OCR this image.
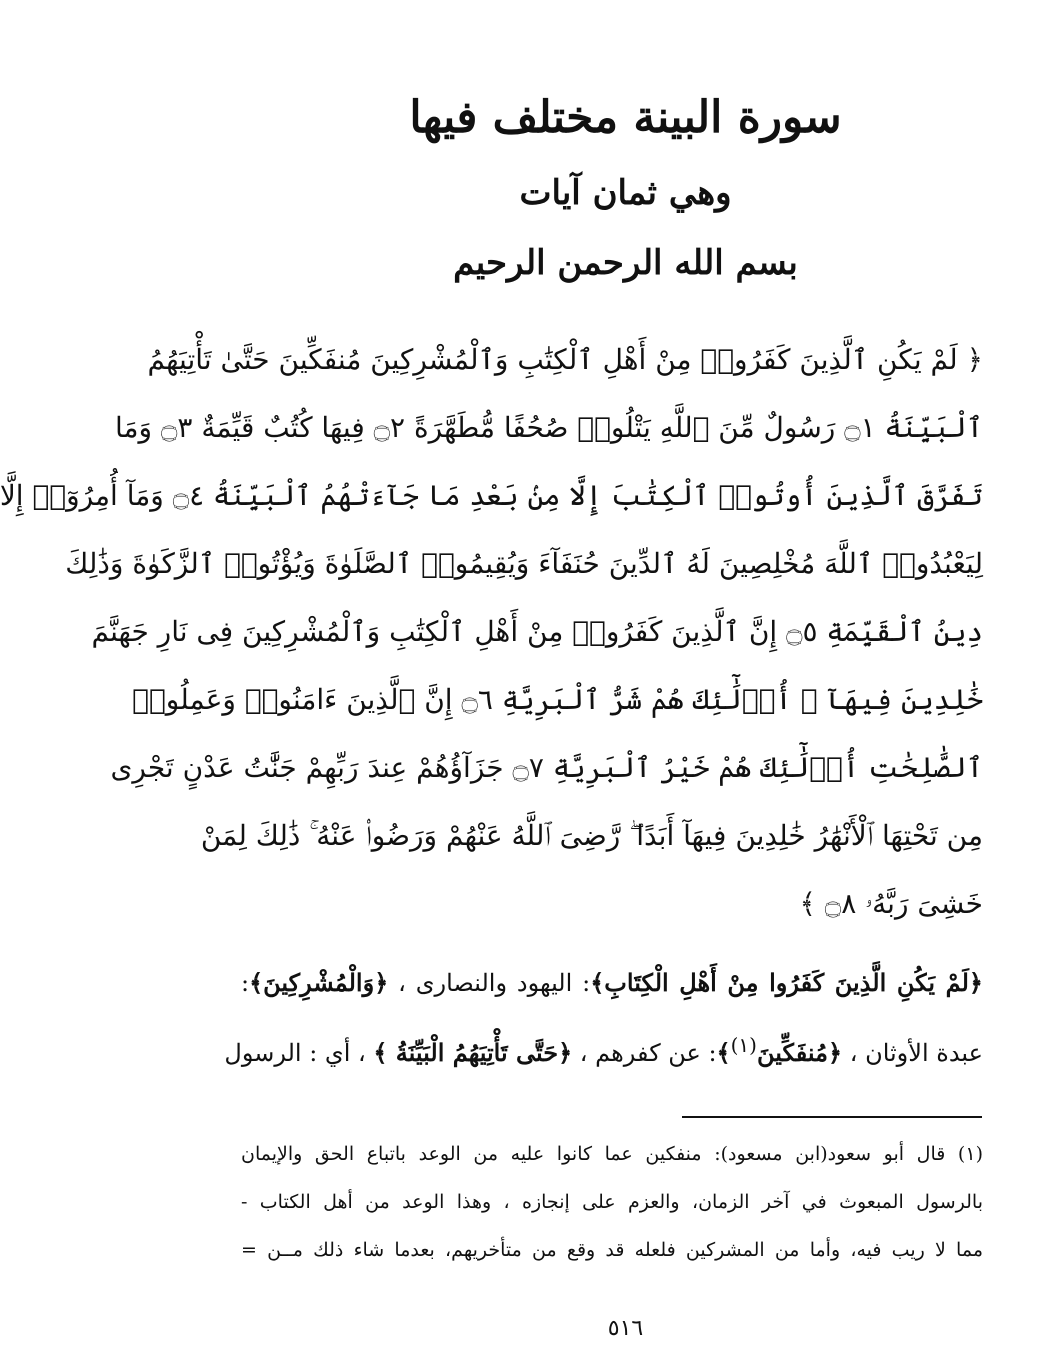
سورة البينة مختلف فيها
وهي ثمان آيات
بسم الله الرحمن الرحيم
﴿ لَمْ يَكُنِ ٱلَّذِينَ كَفَرُوا۟ مِنْ أَهْلِ ٱلْكِتَٰبِ وَٱلْمُشْرِكِينَ مُنفَكِّينَ حَتَّىٰ تَأْتِيَهُمُ
ٱلْبَيِّنَةُ ۝١ رَسُولٌ مِّنَ ٱللَّهِ يَتْلُوا۟ صُحُفًا مُّطَهَّرَةً ۝٢ فِيهَا كُتُبٌ قَيِّمَةٌ ۝٣ وَمَا
تَفَرَّقَ ٱلَّذِينَ أُوتُوا۟ ٱلْكِتَٰبَ إِلَّا مِنۢ بَعْدِ مَا جَآءَتْهُمُ ٱلْبَيِّنَةُ ۝٤ وَمَآ أُمِرُوٓا۟ إِلَّا
لِيَعْبُدُوا۟ ٱللَّهَ مُخْلِصِينَ لَهُ ٱلدِّينَ حُنَفَآءَ وَيُقِيمُوا۟ ٱلصَّلَوٰةَ وَيُؤْتُوا۟ ٱلزَّكَوٰةَ وَذَٰلِكَ
دِينُ ٱلْقَيِّمَةِ ۝٥ إِنَّ ٱلَّذِينَ كَفَرُوا۟ مِنْ أَهْلِ ٱلْكِتَٰبِ وَٱلْمُشْرِكِينَ فِى نَارِ جَهَنَّمَ
خَٰلِدِينَ فِيهَآ ۚ أُو۟لَٰٓئِكَ هُمْ شَرُّ ٱلْبَرِيَّةِ ۝٦ إِنَّ ٱلَّذِينَ ءَامَنُوا۟ وَعَمِلُوا۟
ٱلصَّٰلِحَٰتِ أُو۟لَٰٓئِكَ هُمْ خَيْرُ ٱلْبَرِيَّةِ ۝٧ جَزَآؤُهُمْ عِندَ رَبِّهِمْ جَنَّٰتُ عَدْنٍ تَجْرِى
مِن تَحْتِهَا ٱلْأَنْهَٰرُ خَٰلِدِينَ فِيهَآ أَبَدًا ۖ رَّضِىَ ٱللَّهُ عَنْهُمْ وَرَضُوا۟ عَنْهُ ۚ ذَٰلِكَ لِمَنْ
خَشِىَ رَبَّهُۥ ۝٨ ﴾
﴿لَمْ يَكُنِ الَّذِينَ كَفَرُوا مِنْ أَهْلِ الْكِتَابِ﴾: اليهود والنصارى ، ﴿وَالْمُشْرِكِينَ﴾:
عبدة الأوثان ، ﴿مُنفَكِّينَ$^{(١)}$﴾: عن كفرهم ، ﴿حَتَّى تَأْتِيَهُمُ الْبَيِّنَةُ ﴾ ، أي : الرسول
(١) قال أبو سعود(ابن مسعود): منفكين عما كانوا عليه من الوعد باتباع الحق والإيمان
بالرسول المبعوث في آخر الزمان، والعزم على إنجازه ، وهذا الوعد من أهل الكتاب -
مما لا ريب فيه، وأما من المشركين فلعله قد وقع من متأخريهم، بعدما شاء ذلك مــن =
٥١٦
